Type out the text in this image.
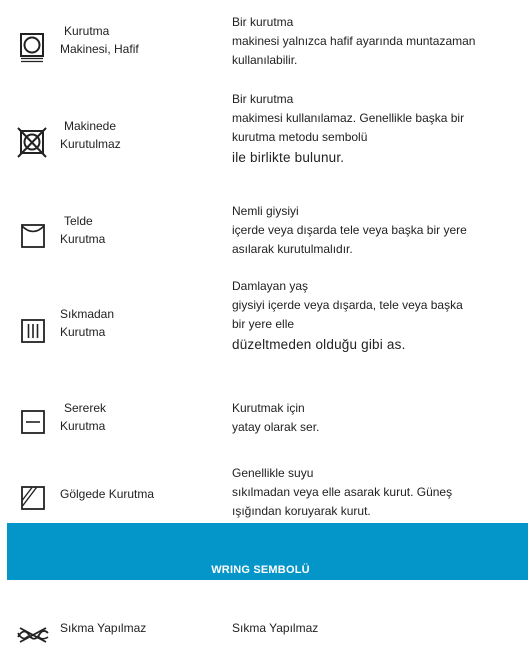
Kurutma
Makinesi, Hafif
Bir kurutma
makinesi yalnızca hafif ayarında muntazaman
kullanılabilir.
Makinede
Kurutulmaz
Bir kurutma
makimesi kullanılamaz. Genellikle başka bir
kurutma metodu sembolü
ile birlikte bulunur.
Telde
Kurutma
Nemli giysiyi
içerde veya dışarda tele veya başka bir yere
asılarak kurutulmalıdır.
Sıkmadan
Kurutma
Damlayan yaş
giysiyi içerde veya dışarda, tele veya başka
bir yere elle
düzeltmeden olduğu gibi as.
Sererek
Kurutma
Kurutmak için
yatay olarak ser.
Gölgede Kurutma
Genellikle suyu
sıkılmadan veya elle asarak kurut. Güneş
ışığından koruyarak kurut.
WRING SEMBOLÜ
Sıkma Yapılmaz	Sıkma Yapılmaz
